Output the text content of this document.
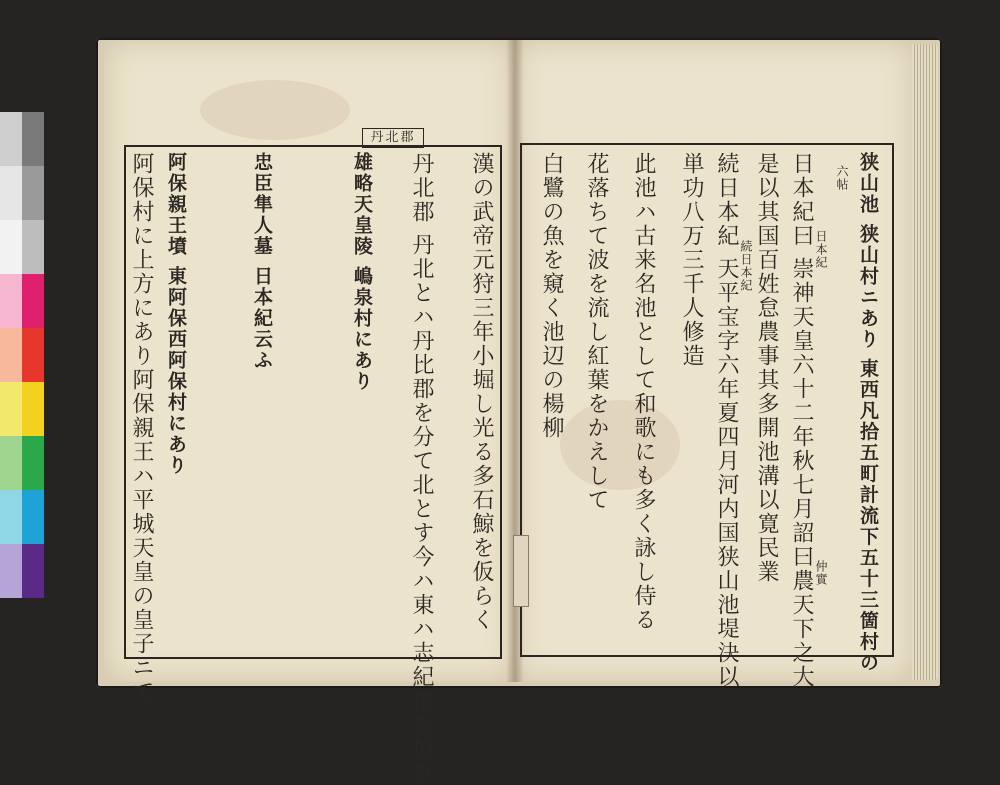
丹北郡
漢の武帝元狩三年小堀し光る多石鯨を仮らく
丹北郡 丹北とハ丹比郡を分て北とす今ハ東ハ志紀郡を境ひ
雄略天皇陵 嶋泉村にあり
忠臣隼人墓 日本紀云ふ
阿保親王墳 東阿保西阿保村にあり
阿保村に上方にあり阿保親王ハ平城天皇の皇子ニて	狭山池 狭山村ニあり 東西凡拾五町計流下五十三箇村の
日本紀曰 崇神天皇六十二年秋七月詔曰農天下之大
是以其国百姓怠農事其多開池溝以寛民業
続日本紀 天平宝字六年夏四月河内国狭山池堤決以
単功八万三千人修造
此池ハ古来名池として和歌にも多く詠し侍る
花落ちて波を流し紅葉をかえして
白鷺の魚を窺く池辺の楊柳	六帖
続日本紀	日本紀
仲實
